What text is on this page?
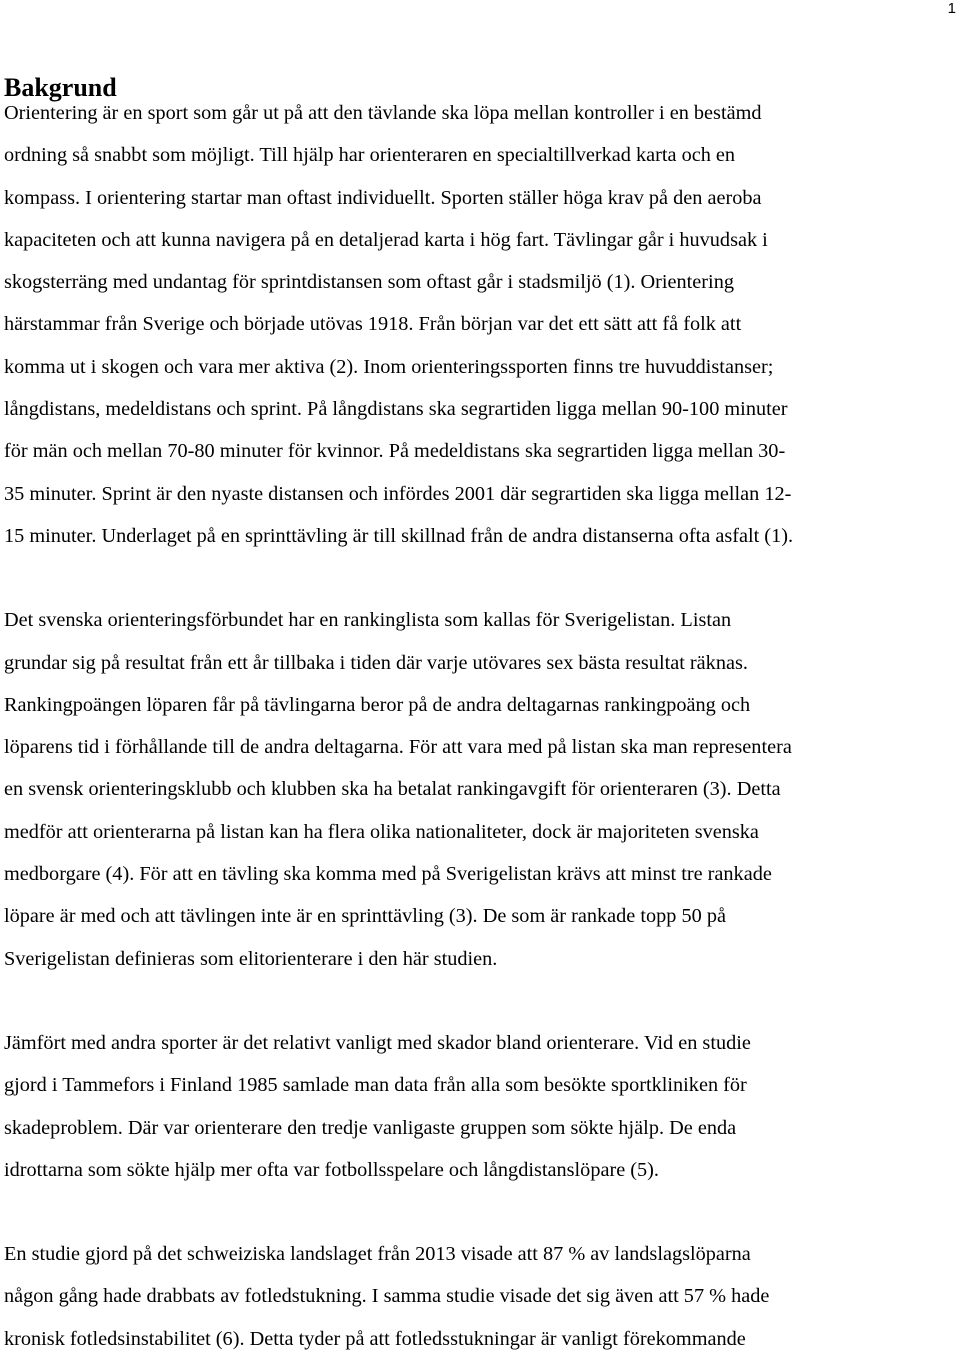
1
Bakgrund

Orientering är en sport som går ut på att den tävlande ska löpa mellan kontroller i en bestämd
ordning så snabbt som möjligt. Till hjälp har orienteraren en specialtillverkad karta och en
kompass. I orientering startar man oftast individuellt. Sporten ställer höga krav på den aeroba
kapaciteten och att kunna navigera på en detaljerad karta i hög fart. Tävlingar går i huvudsak i
skogsterräng med undantag för sprintdistansen som oftast går i stadsmiljö (1). Orientering
härstammar från Sverige och började utövas 1918. Från början var det ett sätt att få folk att
komma ut i skogen och vara mer aktiva (2). Inom orienteringssporten finns tre huvuddistanser;
långdistans, medeldistans och sprint. På långdistans ska segrartiden ligga mellan 90-100 minuter
för män och mellan 70-80 minuter för kvinnor. På medeldistans ska segrartiden ligga mellan 30-
35 minuter. Sprint är den nyaste distansen och infördes 2001 där segrartiden ska ligga mellan 12-
15 minuter. Underlaget på en sprinttävling är till skillnad från de andra distanserna ofta asfalt (1).

Det svenska orienteringsförbundet har en rankinglista som kallas för Sverigelistan. Listan
grundar sig på resultat från ett år tillbaka i tiden där varje utövares sex bästa resultat räknas.
Rankingpoängen löparen får på tävlingarna beror på de andra deltagarnas rankingpoäng och
löparens tid i förhållande till de andra deltagarna. För att vara med på listan ska man representera
en svensk orienteringsklubb och klubben ska ha betalat rankingavgift för orienteraren (3). Detta
medför att orienterarna på listan kan ha flera olika nationaliteter, dock är majoriteten svenska
medborgare (4). För att en tävling ska komma med på Sverigelistan krävs att minst tre rankade
löpare är med och att tävlingen inte är en sprinttävling (3). De som är rankade topp 50 på
Sverigelistan definieras som elitorienterare i den här studien.

Jämfört med andra sporter är det relativt vanligt med skador bland orienterare. Vid en studie
gjord i Tammefors i Finland 1985 samlade man data från alla som besökte sportkliniken för
skadeproblem. Där var orienterare den tredje vanligaste gruppen som sökte hjälp. De enda
idrottarna som sökte hjälp mer ofta var fotbollsspelare och långdistanslöpare (5).

En studie gjord på det schweiziska landslaget från 2013 visade att 87 % av landslagslöparna
någon gång hade drabbats av fotledstukning. I samma studie visade det sig även att 57 % hade
kronisk fotledsinstabilitet (6). Detta tyder på att fotledsstukningar är vanligt förekommande
